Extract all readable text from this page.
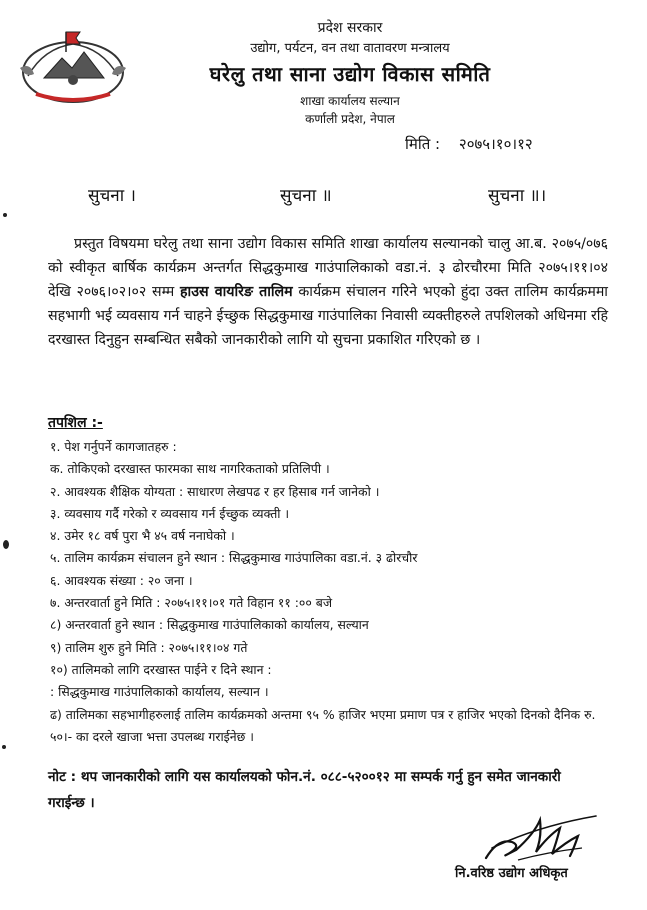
प्रदेश सरकार
उद्योग, पर्यटन, वन तथा वातावरण मन्त्रालय
घरेलु तथा साना उद्योग विकास समिति
शाखा कार्यालय सल्यान
कर्णाली प्रदेश, नेपाल
मिति : २०७५।१०।१२
सुचना ।	सुचना ॥	सुचना ॥।
प्रस्तुत विषयमा घरेलु तथा साना उद्योग विकास समिति शाखा कार्यालय सल्यानको चालु आ.ब. २०७५/०७६ को स्वीकृत बार्षिक कार्यक्रम अन्तर्गत सिद्धकुमाख गाउंपालिकाको वडा.नं. ३ ढोरचौरमा मिति २०७५।११।०४ देखि २०७६।०२।०२ सम्म हाउस वायरिङ तालिम कार्यक्रम संचालन गरिने भएको हुंदा उक्त तालिम कार्यक्रममा सहभागी भई व्यवसाय गर्न चाहने ईच्छुक सिद्धकुमाख गाउंपालिका निवासी व्यक्तीहरुले तपशिलको अधिनमा रहि दरखास्त दिनुहुन सम्बन्धित सबैको जानकारीको लागि यो सुचना प्रकाशित गरिएको छ ।
तपशिल :-
१. पेश गर्नुपर्ने कागजातहरु :
क. तोकिएको दरखास्त फारमका साथ नागरिकताको प्रतिलिपी ।
२. आवश्यक शैक्षिक योग्यता : साधारण लेखपढ र हर हिसाब गर्न जानेको ।
३. व्यवसाय गर्दै गरेको र व्यवसाय गर्न ईच्छुक व्यक्ती ।
४. उमेर १८ वर्ष पुरा भै ४५ वर्ष ननाघेको ।
५. तालिम कार्यक्रम संचालन हुने स्थान : सिद्धकुमाख गाउंपालिका वडा.नं. ३ ढोरचौर
६. आवश्यक संख्या : २० जना ।
७. अन्तरवार्ता हुने मिति : २०७५।११।०१ गते विहान ११ :०० बजे
८) अन्तरवार्ता हुने स्थान : सिद्धकुमाख गाउंपालिकाको कार्यालय, सल्यान
९) तालिम शुरु हुने मिति : २०७५।११।०४ गते
१०) तालिमको लागि दरखास्त पाईने र दिने स्थान :
: सिद्धकुमाख गाउंपालिकाको कार्यालय, सल्यान ।
ढ) तालिमका सहभागीहरुलाई तालिम कार्यक्रमको अन्तमा ९५ % हाजिर भएमा प्रमाण पत्र र हाजिर भएको दिनको दैनिक रु. ५०।- का दरले खाजा भत्ता उपलब्ध गराईनेछ ।
नोट : थप जानकारीको लागि यस कार्यालयको फोन.नं. ०८८-५२००१२ मा सम्पर्क गर्नु हुन समेत जानकारी गराईन्छ ।
नि.वरिष्ठ उद्योग अधिकृत
